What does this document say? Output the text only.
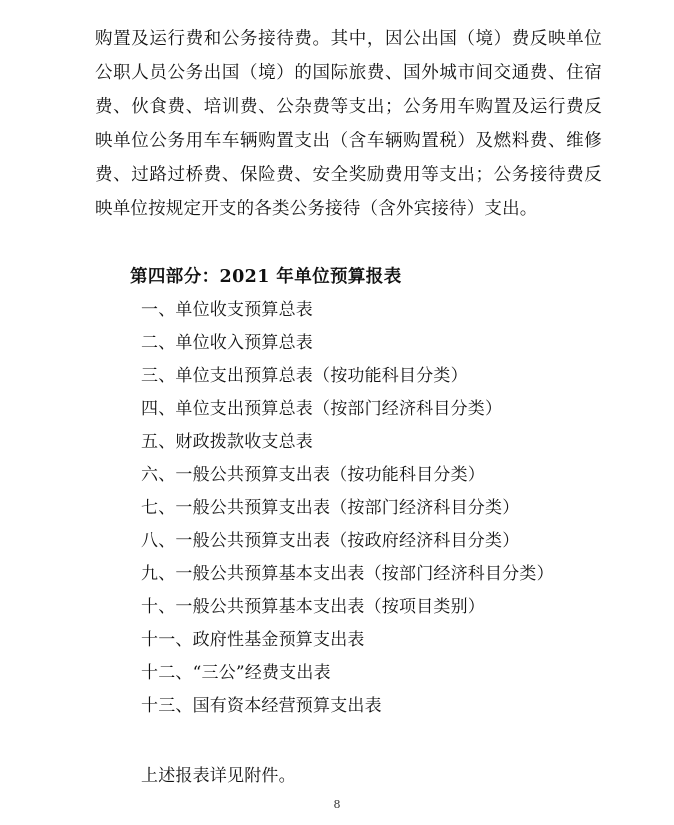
购置及运行费和公务接待费。其中，因公出国（境）费反映单位公职人员公务出国（境）的国际旅费、国外城市间交通费、住宿费、伙食费、培训费、公杂费等支出；公务用车购置及运行费反映单位公务用车车辆购置支出（含车辆购置税）及燃料费、维修费、过路过桥费、保险费、安全奖励费用等支出；公务接待费反映单位按规定开支的各类公务接待（含外宾接待）支出。

第四部分：2021 年单位预算报表
一、单位收支预算总表
二、单位收入预算总表
三、单位支出预算总表（按功能科目分类）
四、单位支出预算总表（按部门经济科目分类）
五、财政拨款收支总表
六、一般公共预算支出表（按功能科目分类）
七、一般公共预算支出表（按部门经济科目分类）
八、一般公共预算支出表（按政府经济科目分类）
九、一般公共预算基本支出表（按部门经济科目分类）
十、一般公共预算基本支出表（按项目类别）
十一、政府性基金预算支出表
十二、“三公”经费支出表
十三、国有资本经营预算支出表

上述报表详见附件。

8
